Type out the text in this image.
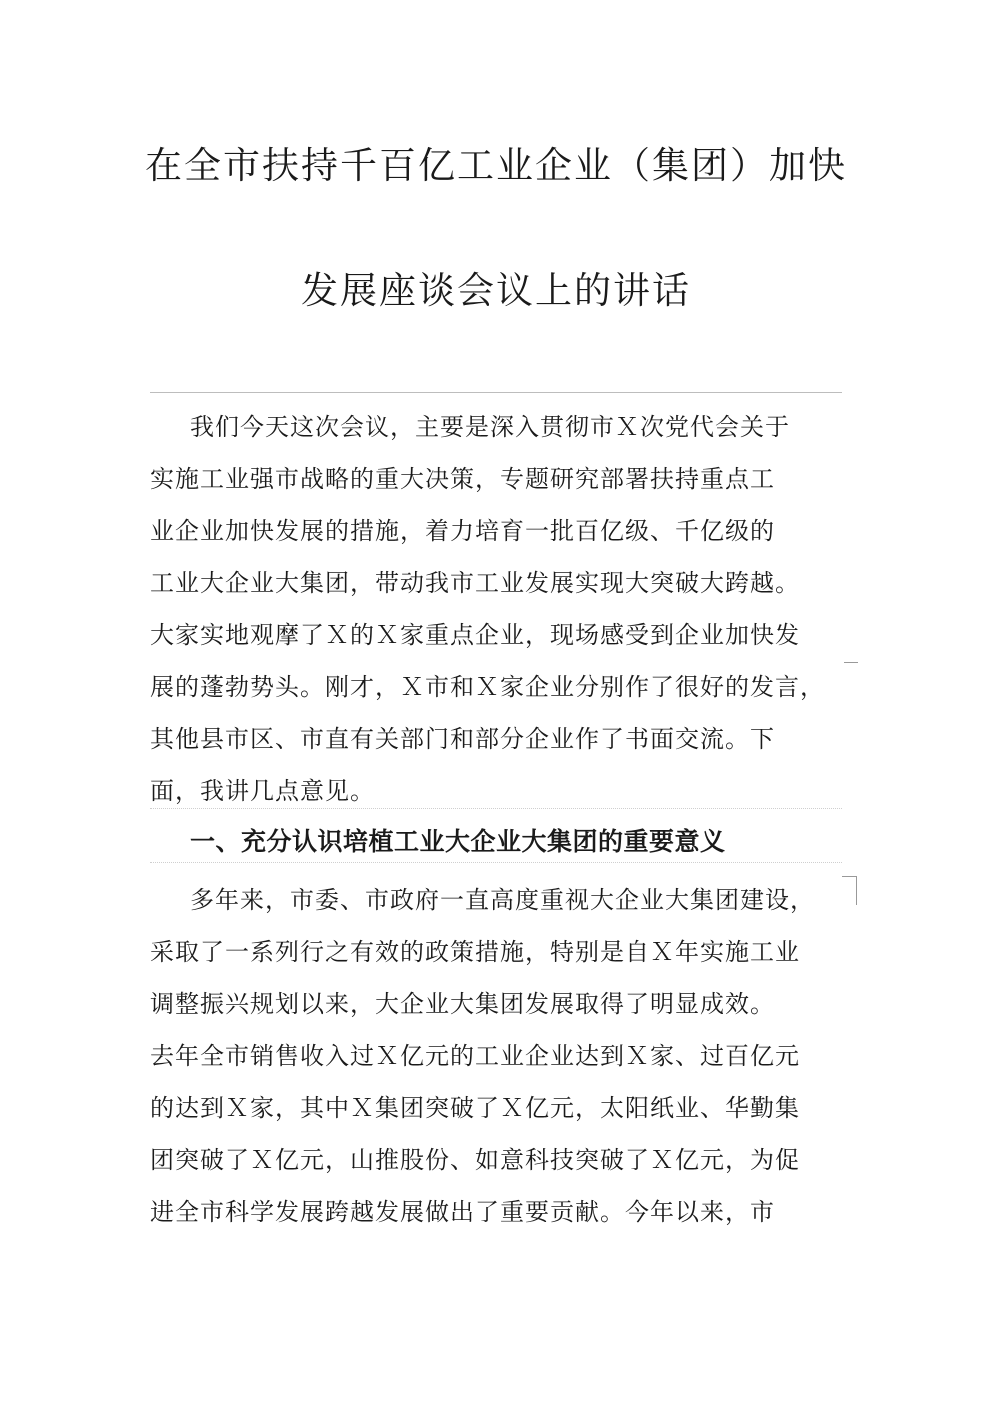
在全市扶持千百亿工业企业（集团）加快
发展座谈会议上的讲话
我们今天这次会议，主要是深入贯彻市Ｘ次党代会关于
实施工业强市战略的重大决策，专题研究部署扶持重点工
业企业加快发展的措施，着力培育一批百亿级、千亿级的
工业大企业大集团，带动我市工业发展实现大突破大跨越。
大家实地观摩了Ｘ的Ｘ家重点企业，现场感受到企业加快发
展的蓬勃势头。刚才，Ｘ市和Ｘ家企业分别作了很好的发言，
其他县市区、市直有关部门和部分企业作了书面交流。下
面，我讲几点意见。
一、充分认识培植工业大企业大集团的重要意义
多年来，市委、市政府一直高度重视大企业大集团建设，
采取了一系列行之有效的政策措施，特别是自Ｘ年实施工业
调整振兴规划以来，大企业大集团发展取得了明显成效。
去年全市销售收入过Ｘ亿元的工业企业达到Ｘ家、过百亿元
的达到Ｘ家，其中Ｘ集团突破了Ｘ亿元，太阳纸业、华勤集
团突破了Ｘ亿元，山推股份、如意科技突破了Ｘ亿元，为促
进全市科学发展跨越发展做出了重要贡献。今年以来，市
